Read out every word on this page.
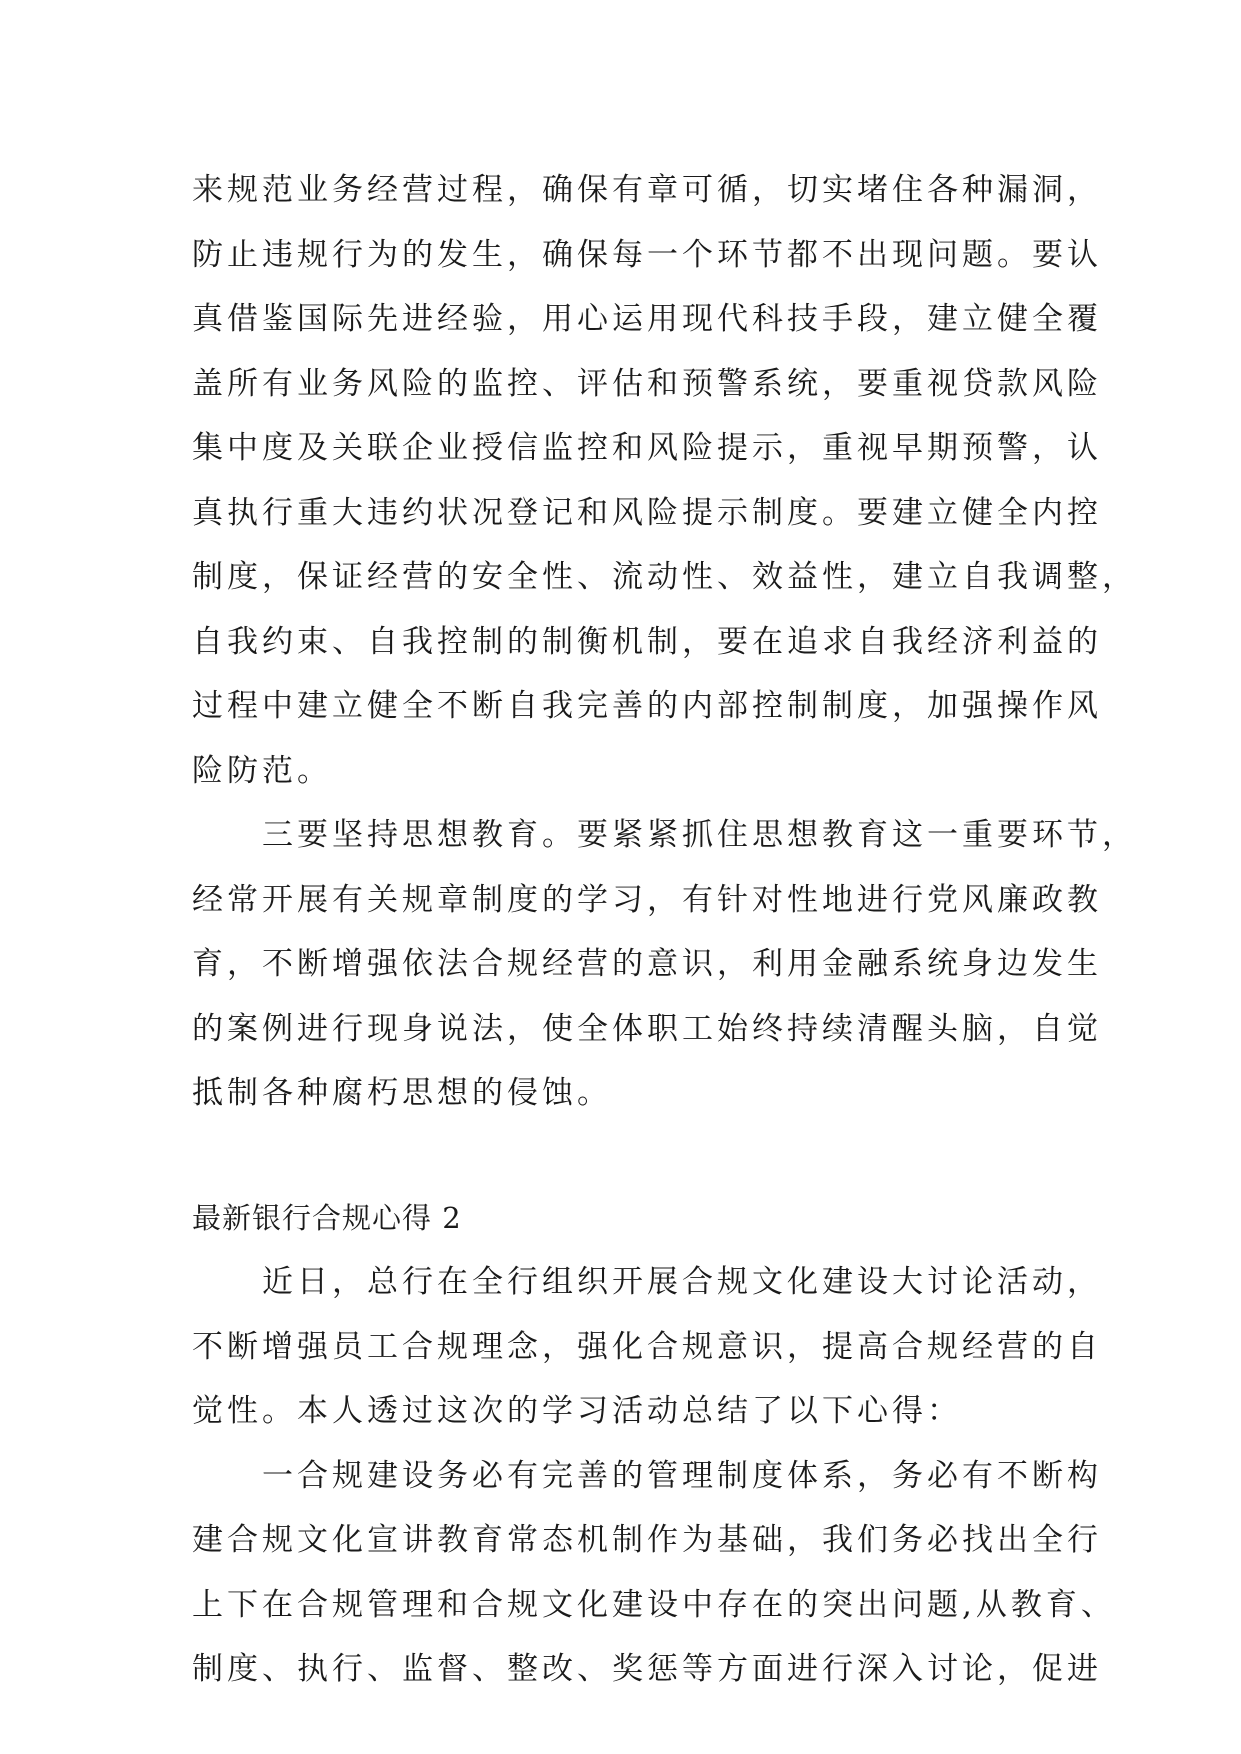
来规范业务经营过程，确保有章可循，切实堵住各种漏洞，
防止违规行为的发生，确保每一个环节都不出现问题。要认
真借鉴国际先进经验，用心运用现代科技手段，建立健全覆
盖所有业务风险的监控、评估和预警系统，要重视贷款风险
集中度及关联企业授信监控和风险提示，重视早期预警，认
真执行重大违约状况登记和风险提示制度。要建立健全内控
制度，保证经营的安全性、流动性、效益性，建立自我调整，
自我约束、自我控制的制衡机制，要在追求自我经济利益的
过程中建立健全不断自我完善的内部控制制度，加强操作风
险防范。
三要坚持思想教育。要紧紧抓住思想教育这一重要环节，
经常开展有关规章制度的学习，有针对性地进行党风廉政教
育，不断增强依法合规经营的意识，利用金融系统身边发生
的案例进行现身说法，使全体职工始终持续清醒头脑，自觉
抵制各种腐朽思想的侵蚀。
最新银行合规心得 2
近日，总行在全行组织开展合规文化建设大讨论活动，
不断增强员工合规理念，强化合规意识，提高合规经营的自
觉性。本人透过这次的学习活动总结了以下心得：
一合规建设务必有完善的管理制度体系，务必有不断构
建合规文化宣讲教育常态机制作为基础，我们务必找出全行
上下在合规管理和合规文化建设中存在的突出问题,从教育、
制度、执行、监督、整改、奖惩等方面进行深入讨论，促进
